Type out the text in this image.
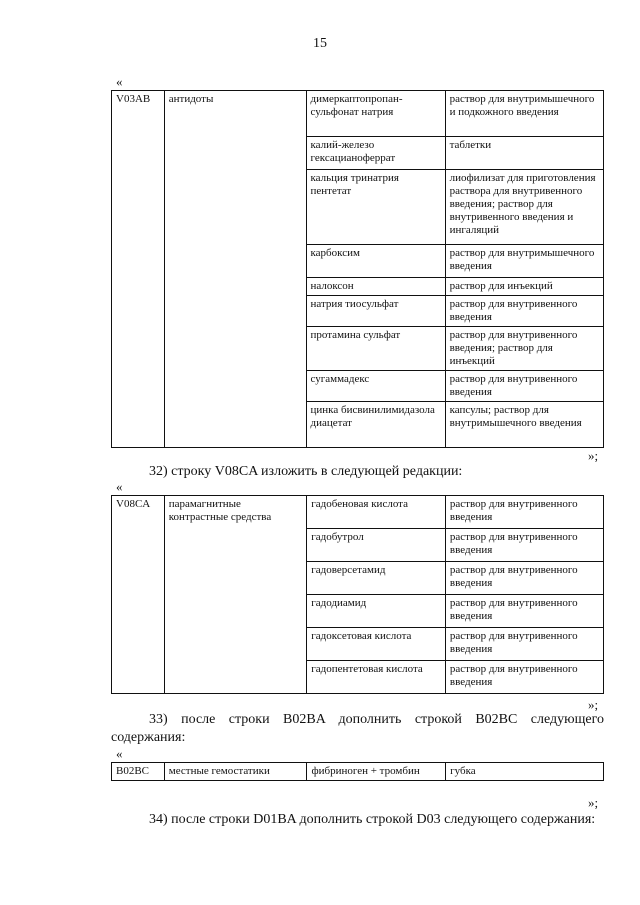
15
«
V03AB	антидоты	димеркаптопропан-сульфонат натрия	раствор для внутримышечного и подкожного введения
		калий-железо гексацианоферрат	таблетки
		кальция тринатрия пентетат	лиофилизат для приготовления раствора для внутривенного введения; раствор для внутривенного введения и ингаляций
		карбоксим	раствор для внутримышечного введения
		налоксон	раствор для инъекций
		натрия тиосульфат	раствор для внутривенного введения
		протамина сульфат	раствор для внутривенного введения; раствор для инъекций
		сугаммадекс	раствор для внутривенного введения
		цинка бисвинилимидазола диацетат	капсулы; раствор для внутримышечного введения
»;
32) строку V08CA изложить в следующей редакции:
«
V08CA	парамагнитные контрастные средства	гадобеновая кислота	раствор для внутривенного введения
		гадобутрол	раствор для внутривенного введения
		гадоверсетамид	раствор для внутривенного введения
		гадодиамид	раствор для внутривенного введения
		гадоксетовая кислота	раствор для внутривенного введения
		гадопентетовая кислота	раствор для внутривенного введения
»;
33) после строки B02BA дополнить строкой B02BC следующего содержания:
«
B02BC	местные гемостатики	фибриноген + тромбин	губка
»;
34) после строки D01BA дополнить строкой D03 следующего содержания:
